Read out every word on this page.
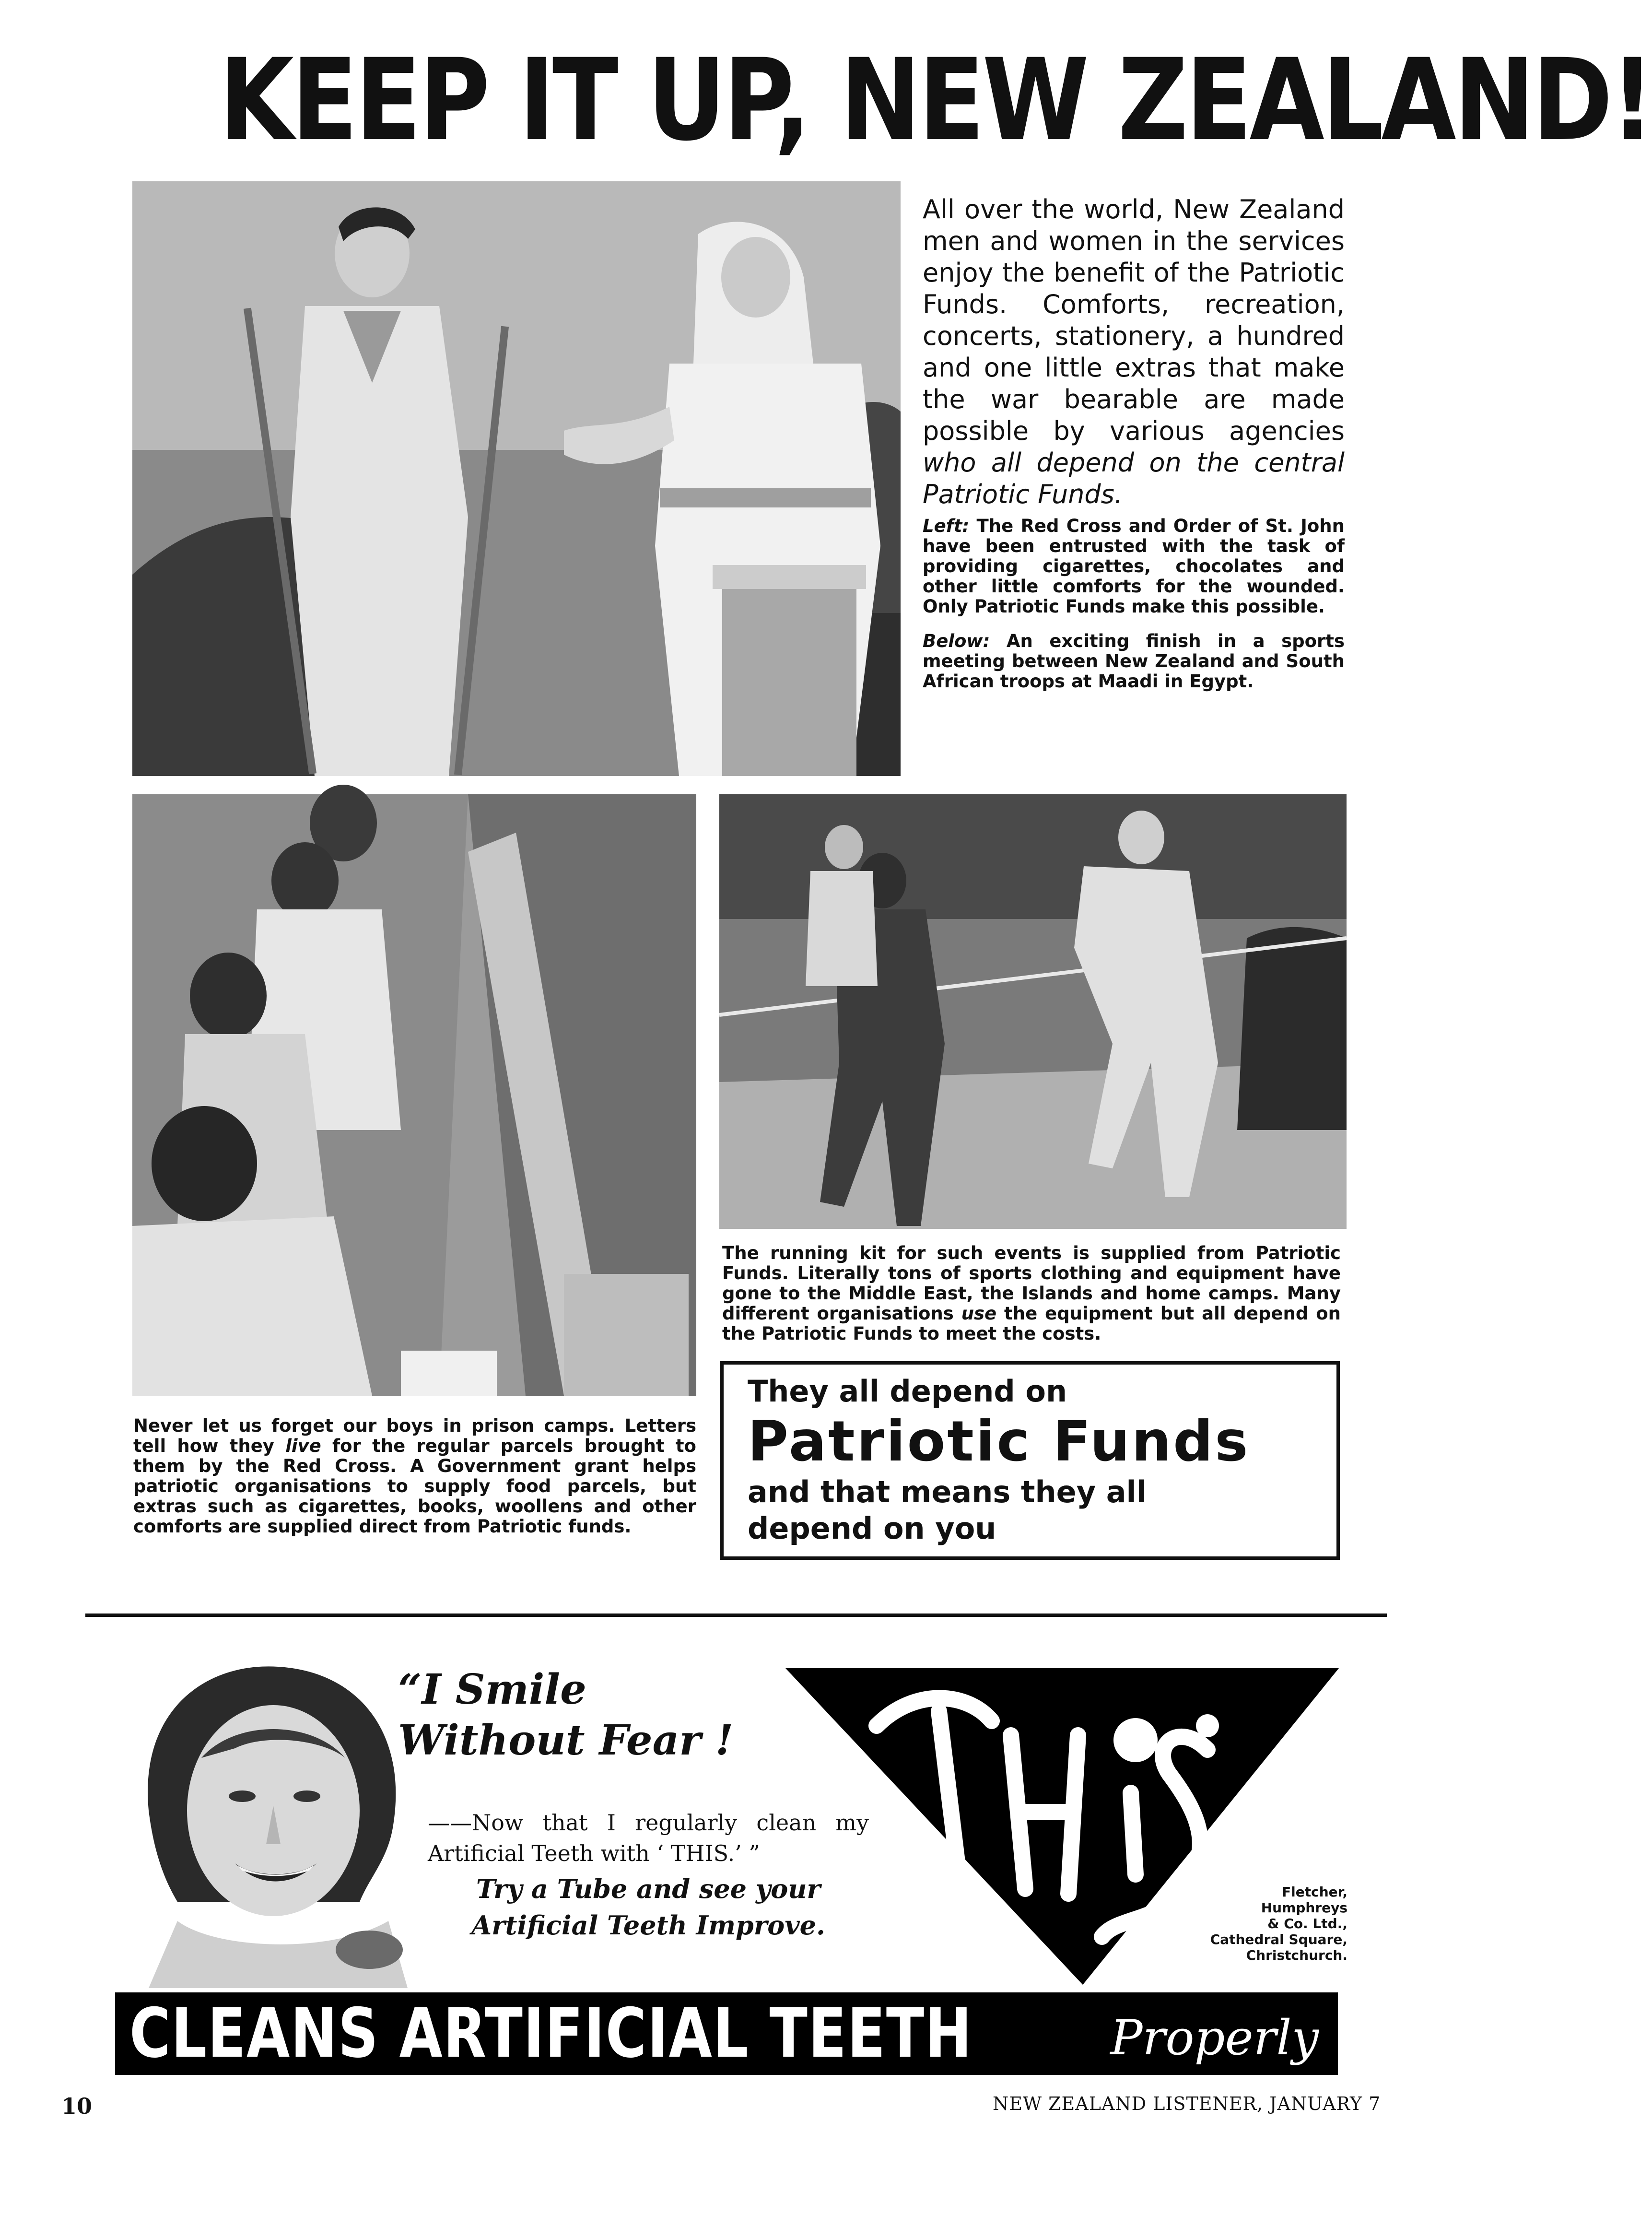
KEEP IT UP, NEW ZEALAND!
All over the world, New Zealand men and women in the services enjoy the benefit of the Patriotic Funds. Comforts, recreation, concerts, stationery, a hundred and one little extras that make the war bearable are made possible by various agencies who all depend on the central Patriotic Funds.
Left: The Red Cross and Order of St. John have been entrusted with the task of providing cigarettes, chocolates and other little comforts for the wounded. Only Patriotic Funds make this possible.
Below: An exciting finish in a sports meeting between New Zealand and South African troops at Maadi in Egypt.
The running kit for such events is supplied from Patriotic Funds. Literally tons of sports clothing and equipment have gone to the Middle East, the Islands and home camps. Many different organisations use the equipment but all depend on the Patriotic Funds to meet the costs.
Never let us forget our boys in prison camps. Letters tell how they live for the regular parcels brought to them by the Red Cross. A Government grant helps patriotic organisations to supply food parcels, but extras such as cigarettes, books, woollens and other comforts are supplied direct from Patriotic funds.
They all depend on
Patriotic Funds
and that means they all
depend on you
“I Smile
Without Fear !
——Now that I regularly clean my Artificial Teeth with ‘ THIS.’ ”
Try a Tube and see your
Artificial Teeth Improve.
Fletcher,
Humphreys
& Co. Ltd.,
Cathedral Square,
Christchurch.
CLEANS ARTIFICIAL TEETH	Properly
10	NEW ZEALAND LISTENER, JANUARY 7
